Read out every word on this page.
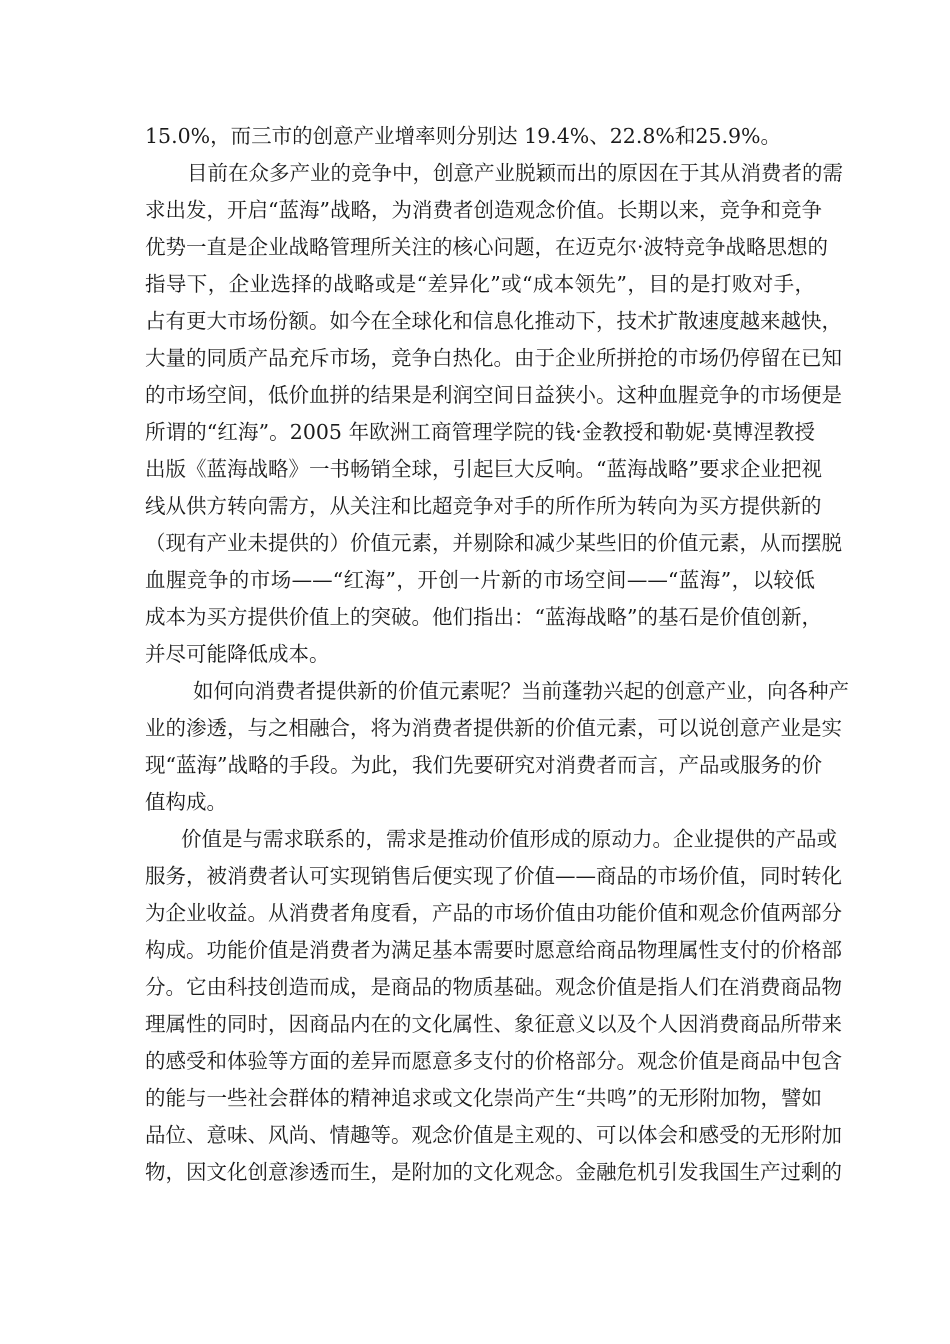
15.0%，而三市的创意产业增率则分别达 19.4%、22.8%和25.9%。
目前在众多产业的竞争中，创意产业脱颖而出的原因在于其从消费者的需
求出发，开启“蓝海”战略，为消费者创造观念价值。长期以来，竞争和竞争
优势一直是企业战略管理所关注的核心问题，在迈克尔·波特竞争战略思想的
指导下，企业选择的战略或是“差异化”或“成本领先”，目的是打败对手，
占有更大市场份额。如今在全球化和信息化推动下，技术扩散速度越来越快，
大量的同质产品充斥市场，竞争白热化。由于企业所拼抢的市场仍停留在已知
的市场空间，低价血拼的结果是利润空间日益狭小。这种血腥竞争的市场便是
所谓的“红海”。2005 年欧洲工商管理学院的钱·金教授和勒妮·莫博涅教授
出版《蓝海战略》一书畅销全球，引起巨大反响。“蓝海战略”要求企业把视
线从供方转向需方，从关注和比超竞争对手的所作所为转向为买方提供新的
（现有产业未提供的）价值元素，并剔除和减少某些旧的价值元素，从而摆脱
血腥竞争的市场——“红海”，开创一片新的市场空间——“蓝海”，以较低
成本为买方提供价值上的突破。他们指出：“蓝海战略”的基石是价值创新，
并尽可能降低成本。
如何向消费者提供新的价值元素呢？当前蓬勃兴起的创意产业，向各种产
业的渗透，与之相融合，将为消费者提供新的价值元素，可以说创意产业是实
现“蓝海”战略的手段。为此，我们先要研究对消费者而言，产品或服务的价
值构成。
价值是与需求联系的，需求是推动价值形成的原动力。企业提供的产品或
服务，被消费者认可实现销售后便实现了价值——商品的市场价值，同时转化
为企业收益。从消费者角度看，产品的市场价值由功能价值和观念价值两部分
构成。功能价值是消费者为满足基本需要时愿意给商品物理属性支付的价格部
分。它由科技创造而成，是商品的物质基础。观念价值是指人们在消费商品物
理属性的同时，因商品内在的文化属性、象征意义以及个人因消费商品所带来
的感受和体验等方面的差异而愿意多支付的价格部分。观念价值是商品中包含
的能与一些社会群体的精神追求或文化崇尚产生“共鸣”的无形附加物，譬如
品位、意味、风尚、情趣等。观念价值是主观的、可以体会和感受的无形附加
物，因文化创意渗透而生，是附加的文化观念。金融危机引发我国生产过剩的
